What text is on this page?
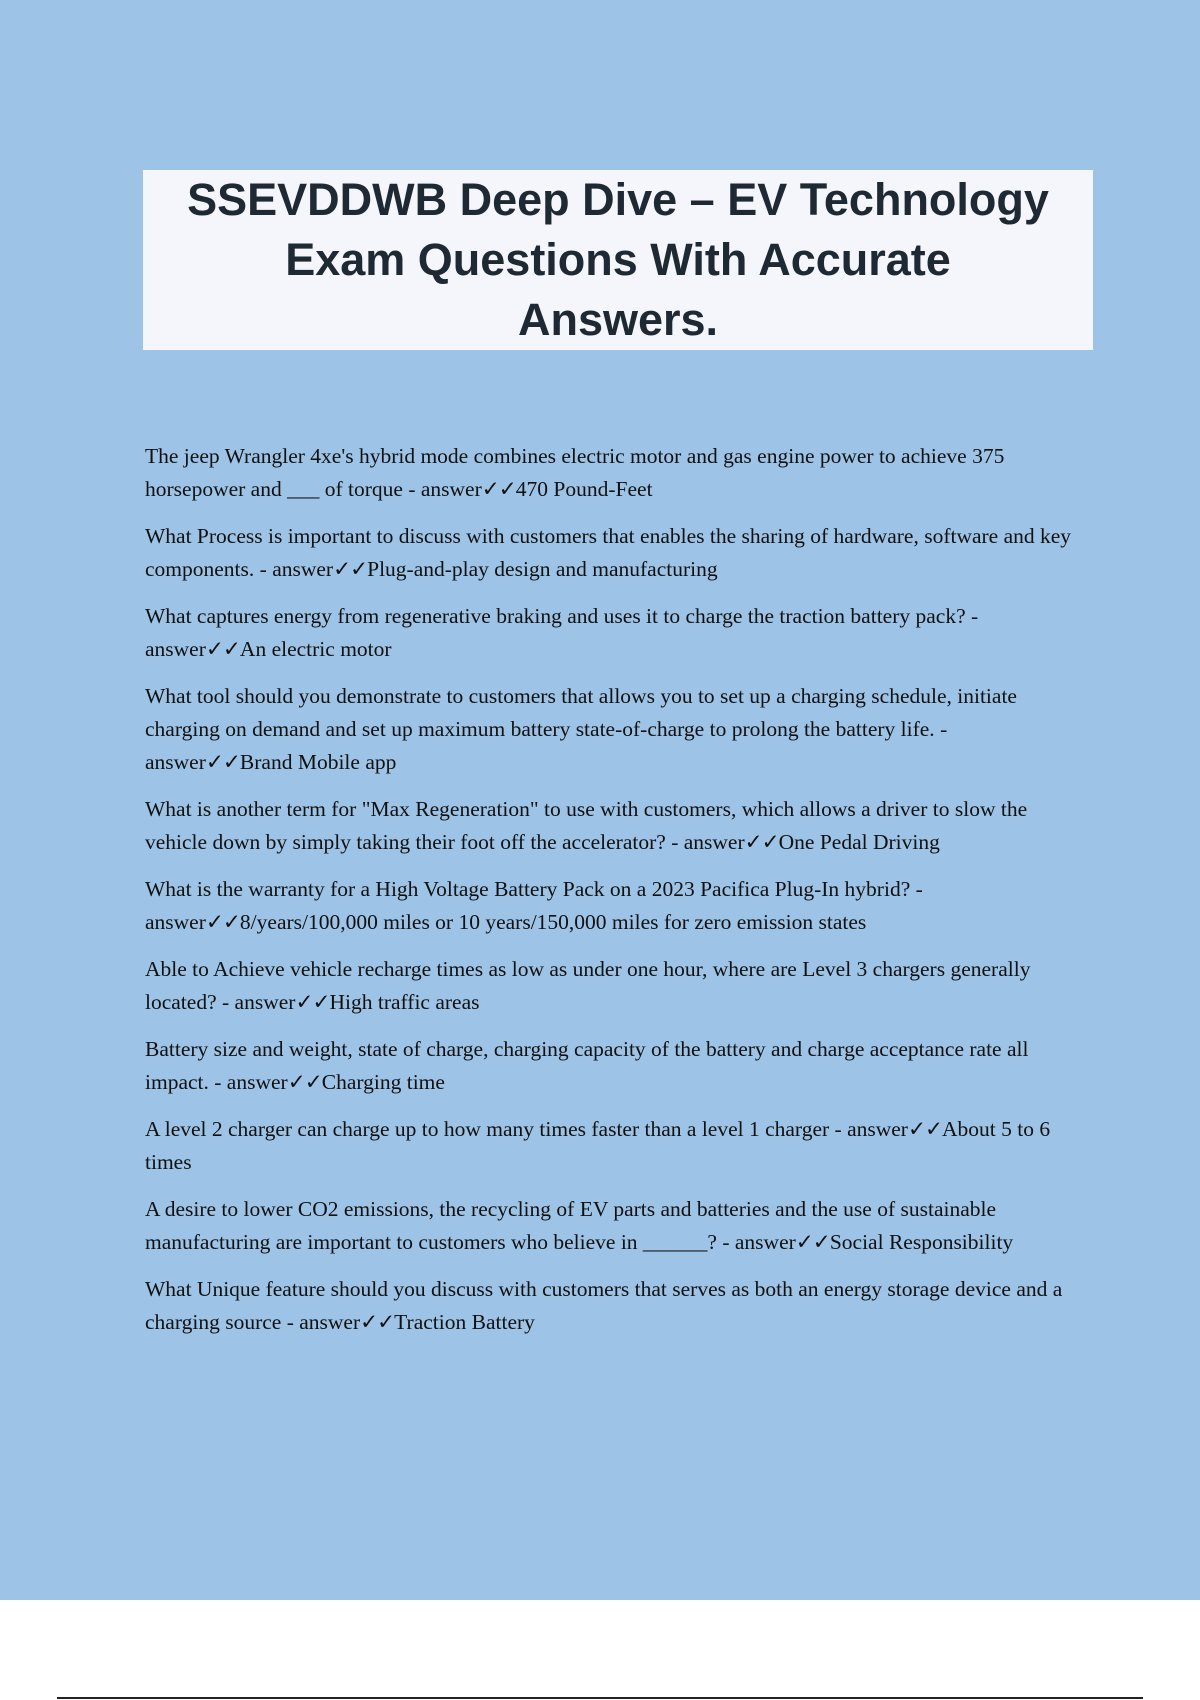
SSEVDDWB Deep Dive – EV Technology
Exam Questions With Accurate
Answers.

The jeep Wrangler 4xe's hybrid mode combines electric motor and gas engine power to achieve 375 horsepower and ___ of torque - answer✓✓470 Pound-Feet

What Process is important to discuss with customers that enables the sharing of hardware, software and key components. - answer✓✓Plug-and-play design and manufacturing

What captures energy from regenerative braking and uses it to charge the traction battery pack? - answer✓✓An electric motor

What tool should you demonstrate to customers that allows you to set up a charging schedule, initiate charging on demand and set up maximum battery state-of-charge to prolong the battery life. - answer✓✓Brand Mobile app

What is another term for "Max Regeneration" to use with customers, which allows a driver to slow the vehicle down by simply taking their foot off the accelerator? - answer✓✓One Pedal Driving

What is the warranty for a High Voltage Battery Pack on a 2023 Pacifica Plug-In hybrid? - answer✓✓8/years/100,000 miles or 10 years/150,000 miles for zero emission states

Able to Achieve vehicle recharge times as low as under one hour, where are Level 3 chargers generally located? - answer✓✓High traffic areas

Battery size and weight, state of charge, charging capacity of the battery and charge acceptance rate all impact. - answer✓✓Charging time

A level 2 charger can charge up to how many times faster than a level 1 charger - answer✓✓About 5 to 6 times

A desire to lower CO2 emissions, the recycling of EV parts and batteries and the use of sustainable manufacturing are important to customers who believe in ______? - answer✓✓Social Responsibility

What Unique feature should you discuss with customers that serves as both an energy storage device and a charging source - answer✓✓Traction Battery
